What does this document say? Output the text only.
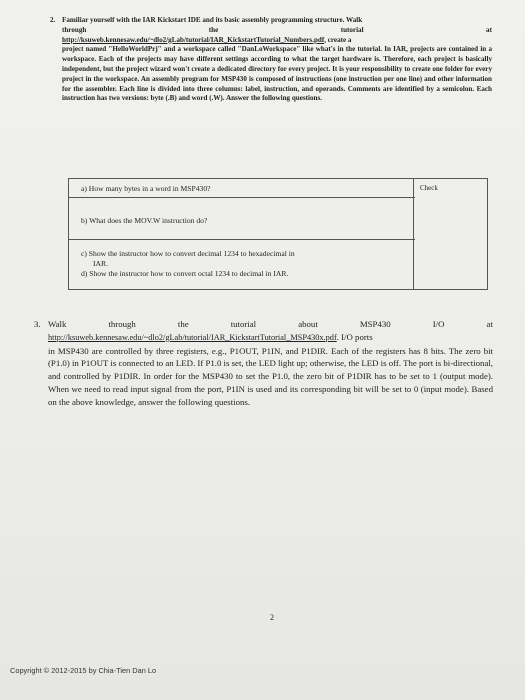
2. Familiar yourself with the IAR Kickstart IDE and its basic assembly programming structure. Walk

through	the	tutorial	at

http://ksuweb.kennesaw.edu/~dlo2/gLab/tutorial/IAR_KickstartTutorial_Numbers.pdf, create a

project named "HelloWorldPrj" and a workspace called "DanLoWorkspace" like what's in the tutorial. In IAR, projects are contained in a workspace. Each of the projects may have different settings according to what the target hardware is. Therefore, each project is basically independent, but the project wizard won't create a dedicated directory for every project. It is your responsibility to create one folder for every project in the workspace. An assembly program for MSP430 is composed of instructions (one instruction per one line) and other information for the assembler. Each line is divided into three columns: label, instruction, and operands. Comments are identified by a semicolon. Each instruction has two versions: byte (.B) and word (.W). Answer the following questions.

Check
a) How many bytes in a word in MSP430?
b) What does the MOV.W instruction do?
c) Show the instructor how to convert decimal 1234 to hexadecimal in
IAR.
d) Show the instructor how to convert octal 1234 to decimal in IAR.
3. Walk	through	the	tutorial	about	MSP430	I/O	at

http://ksuweb.kennesaw.edu/~dlo2/gLab/tutorial/IAR_KickstartTutorial_MSP430x.pdf. I/O ports

in MSP430 are controlled by three registers, e.g., P1OUT, P1IN, and P1DIR. Each of the registers has 8 bits. The zero bit (P1.0) in P1OUT is connected to an LED. If P1.0 is set, the LED light up; otherwise, the LED is off. The port is bi-directional, and controlled by P1DIR. In order for the MSP430 to set the P1.0, the zero bit of P1DIR has to be set to 1 (output mode). When we need to read input signal from the port, P1IN is used and its corresponding bit will be set to 0 (input mode). Based on the above knowledge, answer the following questions.

2
Copyright © 2012-2015 by Chia-Tien Dan Lo
